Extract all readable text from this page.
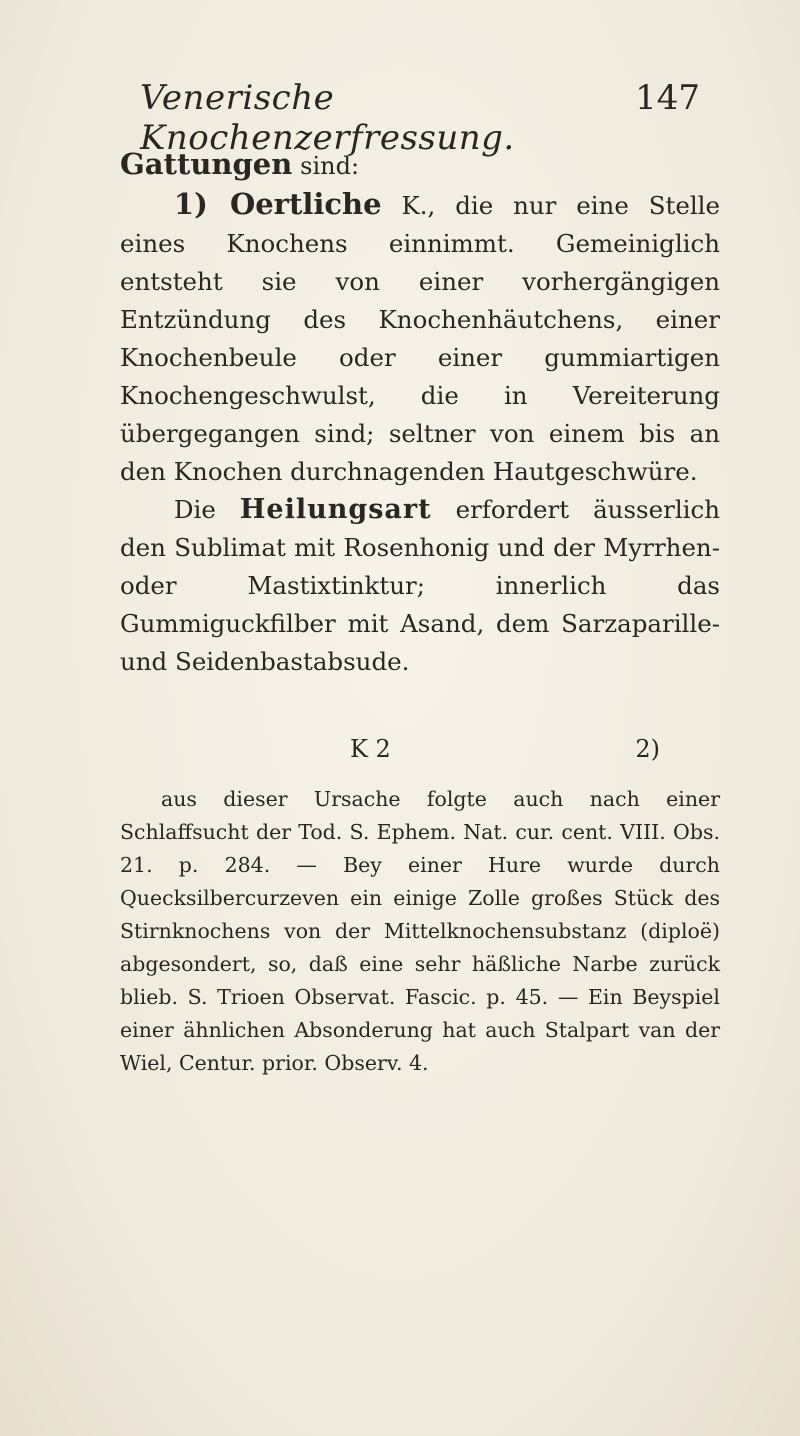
Venerische Knochenzerfressung.
147

Gattungen sind:

1) Oertliche K., die nur eine Stelle eines Knochens einnimmt. Gemeiniglich entsteht sie von einer vorhergängigen Entzündung des Knochenhäutchens, einer Knochenbeule oder einer gummiartigen Knochengeschwulst, die in Vereiterung übergegangen sind; seltner von einem bis an den Knochen durchnagenden Hautgeschwüre.

Die Heilungsart erfordert äusserlich den Sublimat mit Rosenhonig und der Myrrhen- oder Mastixtinktur; innerlich das Gummiguckfilber mit Asand, dem Sarzaparille- und Seidenbastabsude.

K 2	2)

aus dieser Ursache folgte auch nach einer Schlaffsucht der Tod. S. Ephem. Nat. cur. cent. VIII. Obs. 21. p. 284. — Bey einer Hure wurde durch Quecksilbercurzeven ein einige Zolle großes Stück des Stirnknochens von der Mittelknochensubstanz (diploë) abgesondert, so, daß eine sehr häßliche Narbe zurück blieb. S. Trioen Observat. Fascic. p. 45. — Ein Beyspiel einer ähnlichen Absonderung hat auch Stalpart van der Wiel, Centur. prior. Observ. 4.
